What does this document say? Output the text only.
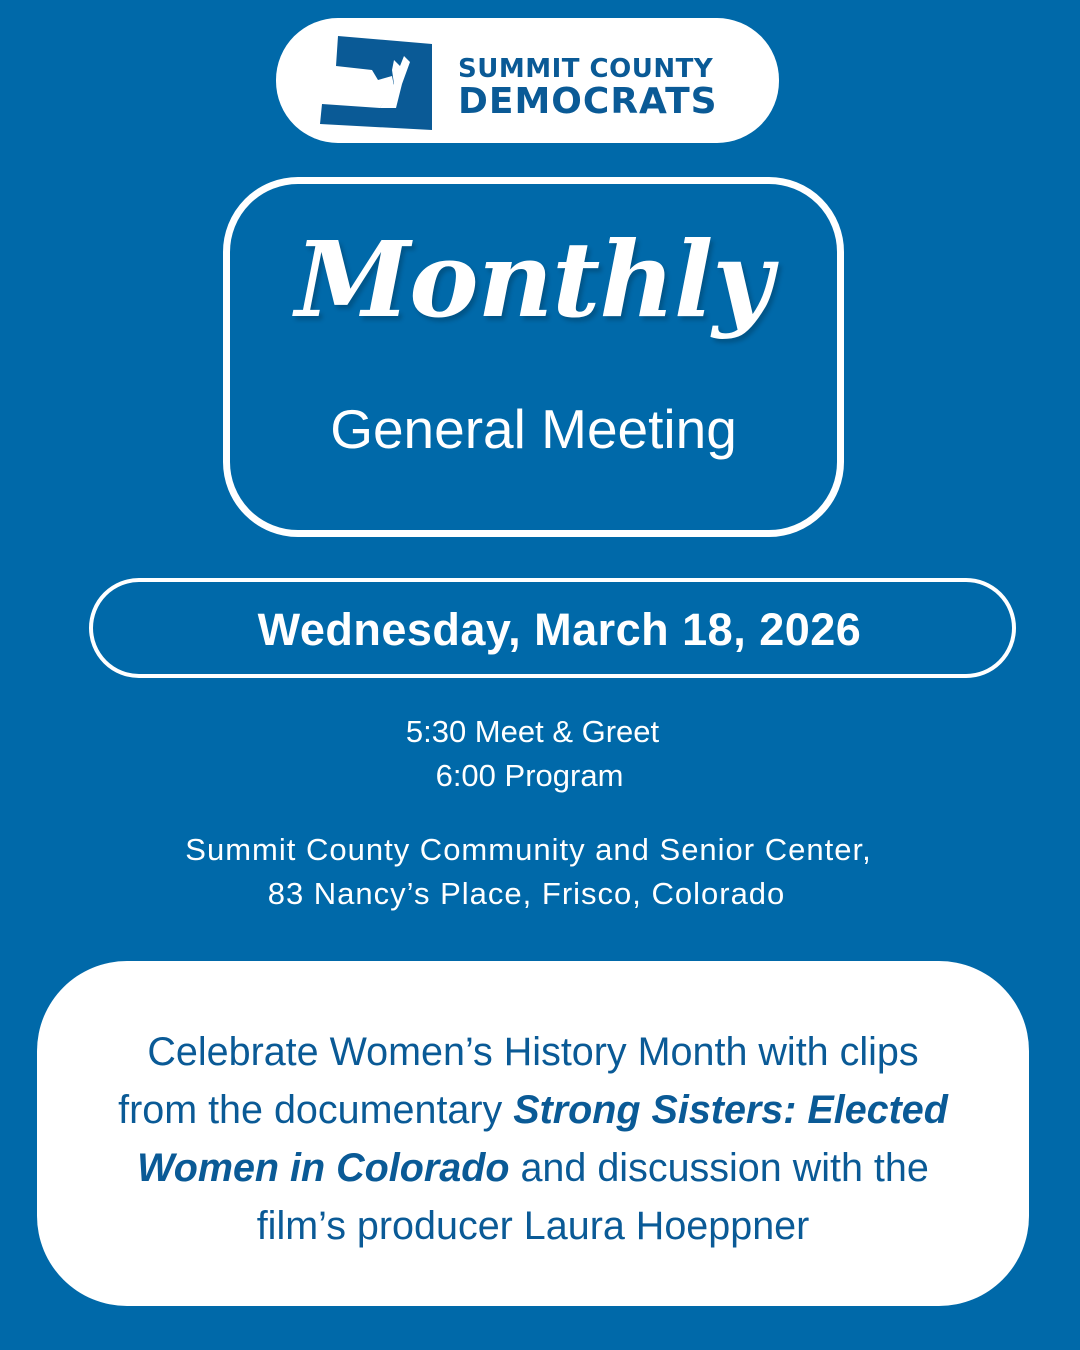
SUMMIT COUNTY
DEMOCRATS
Monthly
General Meeting
Wednesday, March 18, 2026
5:30 Meet & Greet
6:00 Program
Summit County Community and Senior Center,
83 Nancy’s Place, Frisco, Colorado
Celebrate Women’s History Month with clips
from the documentary Strong Sisters: Elected
Women in Colorado and discussion with the
film’s producer Laura Hoeppner
